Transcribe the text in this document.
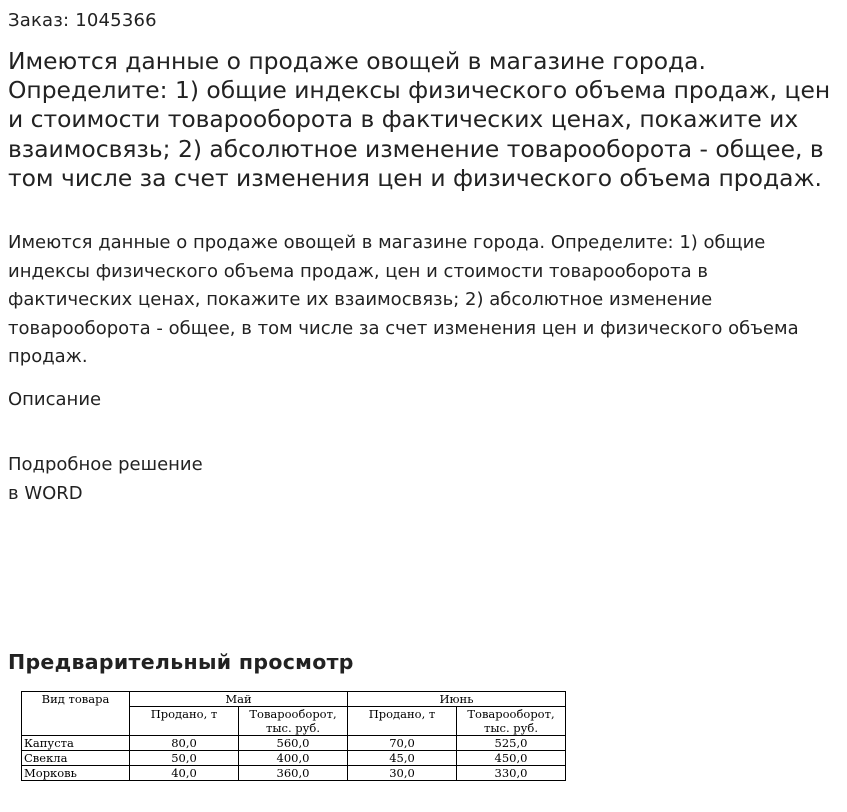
Заказ: 1045366
Имеются данные о продаже овощей в магазине города. Определите: 1) общие индексы физического объема продаж, цен и стоимости товарооборота в фактических ценах, покажите их взаимосвязь; 2) абсолютное изменение товарооборота - общее, в том числе за счет изменения цен и физического объема продаж.

Имеются данные о продаже овощей в магазине города. Определите: 1) общие индексы физического объема продаж, цен и стоимости товарооборота в фактических ценах, покажите их взаимосвязь; 2) абсолютное изменение товарооборота - общее, в том числе за счет изменения цен и физического объема продаж.

Описание
Подробное решение
в WORD
Предварительный просмотр
Вид товара	Май		Июнь	
	Продано, т	Товарооборот, тыс. руб.	Продано, т	Товарооборот, тыс. руб.
Капуста	80,0	560,0	70,0	525,0
Свекла	50,0	400,0	45,0	450,0
Морковь	40,0	360,0	30,0	330,0
